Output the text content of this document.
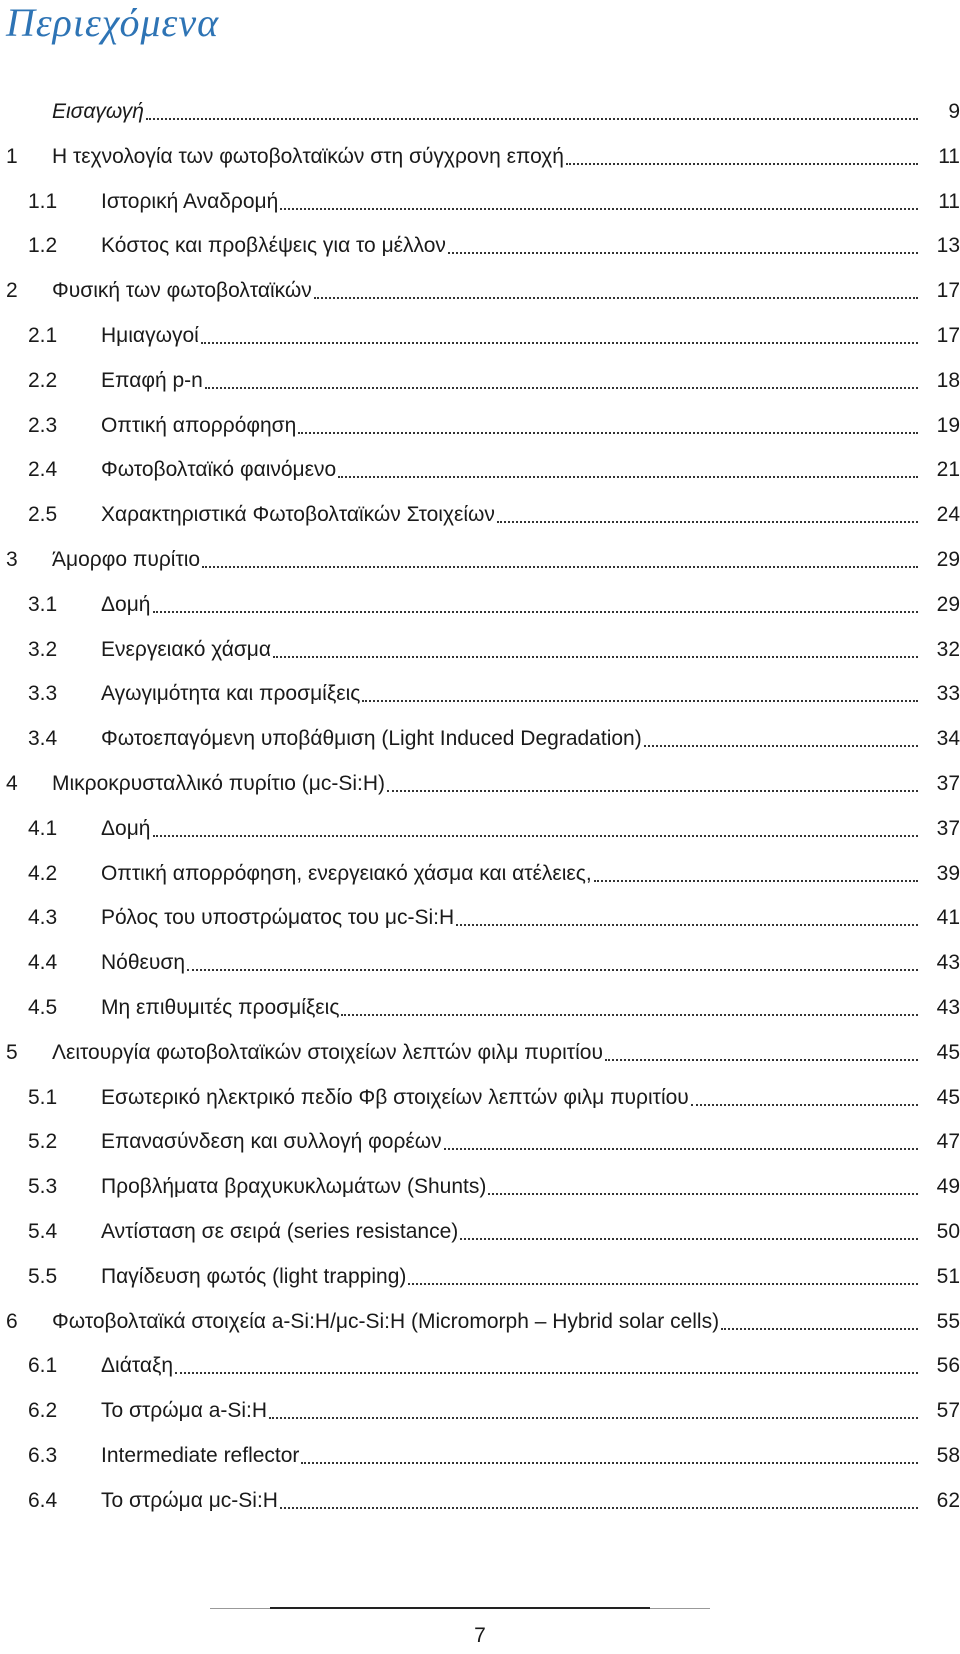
Περιεχόμενα
Εισαγωγή	9
1 Η τεχνολογία των φωτοβολταϊκών στη σύγχρονη εποχή	11
1.1 Ιστορική Αναδρομή	11
1.2 Κόστος και προβλέψεις για το μέλλον	13
2 Φυσική των φωτοβολταϊκών	17
2.1 Ημιαγωγοί	17
2.2 Επαφή p-n	18
2.3 Οπτική απορρόφηση	19
2.4 Φωτοβολταϊκό φαινόμενο	21
2.5 Χαρακτηριστικά Φωτοβολταϊκών Στοιχείων	24
3 Άμορφο πυρίτιο	29
3.1 Δομή	29
3.2 Ενεργειακό χάσμα	32
3.3 Αγωγιμότητα και προσμίξεις	33
3.4 Φωτοεπαγόμενη υποβάθμιση (Light Induced Degradation)	34
4 Μικροκρυσταλλικό πυρίτιο (μc-Si:H)	37
4.1 Δομή	37
4.2 Οπτική απορρόφηση, ενεργειακό χάσμα και ατέλειες,	39
4.3 Ρόλος του υποστρώματος του μc-Si:H	41
4.4 Νόθευση	43
4.5 Μη επιθυμιτές προσμίξεις	43
5 Λειτουργία φωτοβολταϊκών στοιχείων λεπτών φιλμ πυριτίου	45
5.1 Εσωτερικό ηλεκτρικό πεδίο Φβ στοιχείων λεπτών φιλμ πυριτίου	45
5.2 Επανασύνδεση και συλλογή φορέων	47
5.3 Προβλήματα βραχυκυκλωμάτων (Shunts)	49
5.4 Αντίσταση σε σειρά (series resistance)	50
5.5 Παγίδευση φωτός (light trapping)	51
6 Φωτοβολταϊκά στοιχεία a-Si:H/μc-Si:H (Micromorph – Hybrid solar cells)	55
6.1 Διάταξη	56
6.2 Το στρώμα a-Si:H	57
6.3 Intermediate reflector	58
6.4 Το στρώμα μc-Si:H	62
7
